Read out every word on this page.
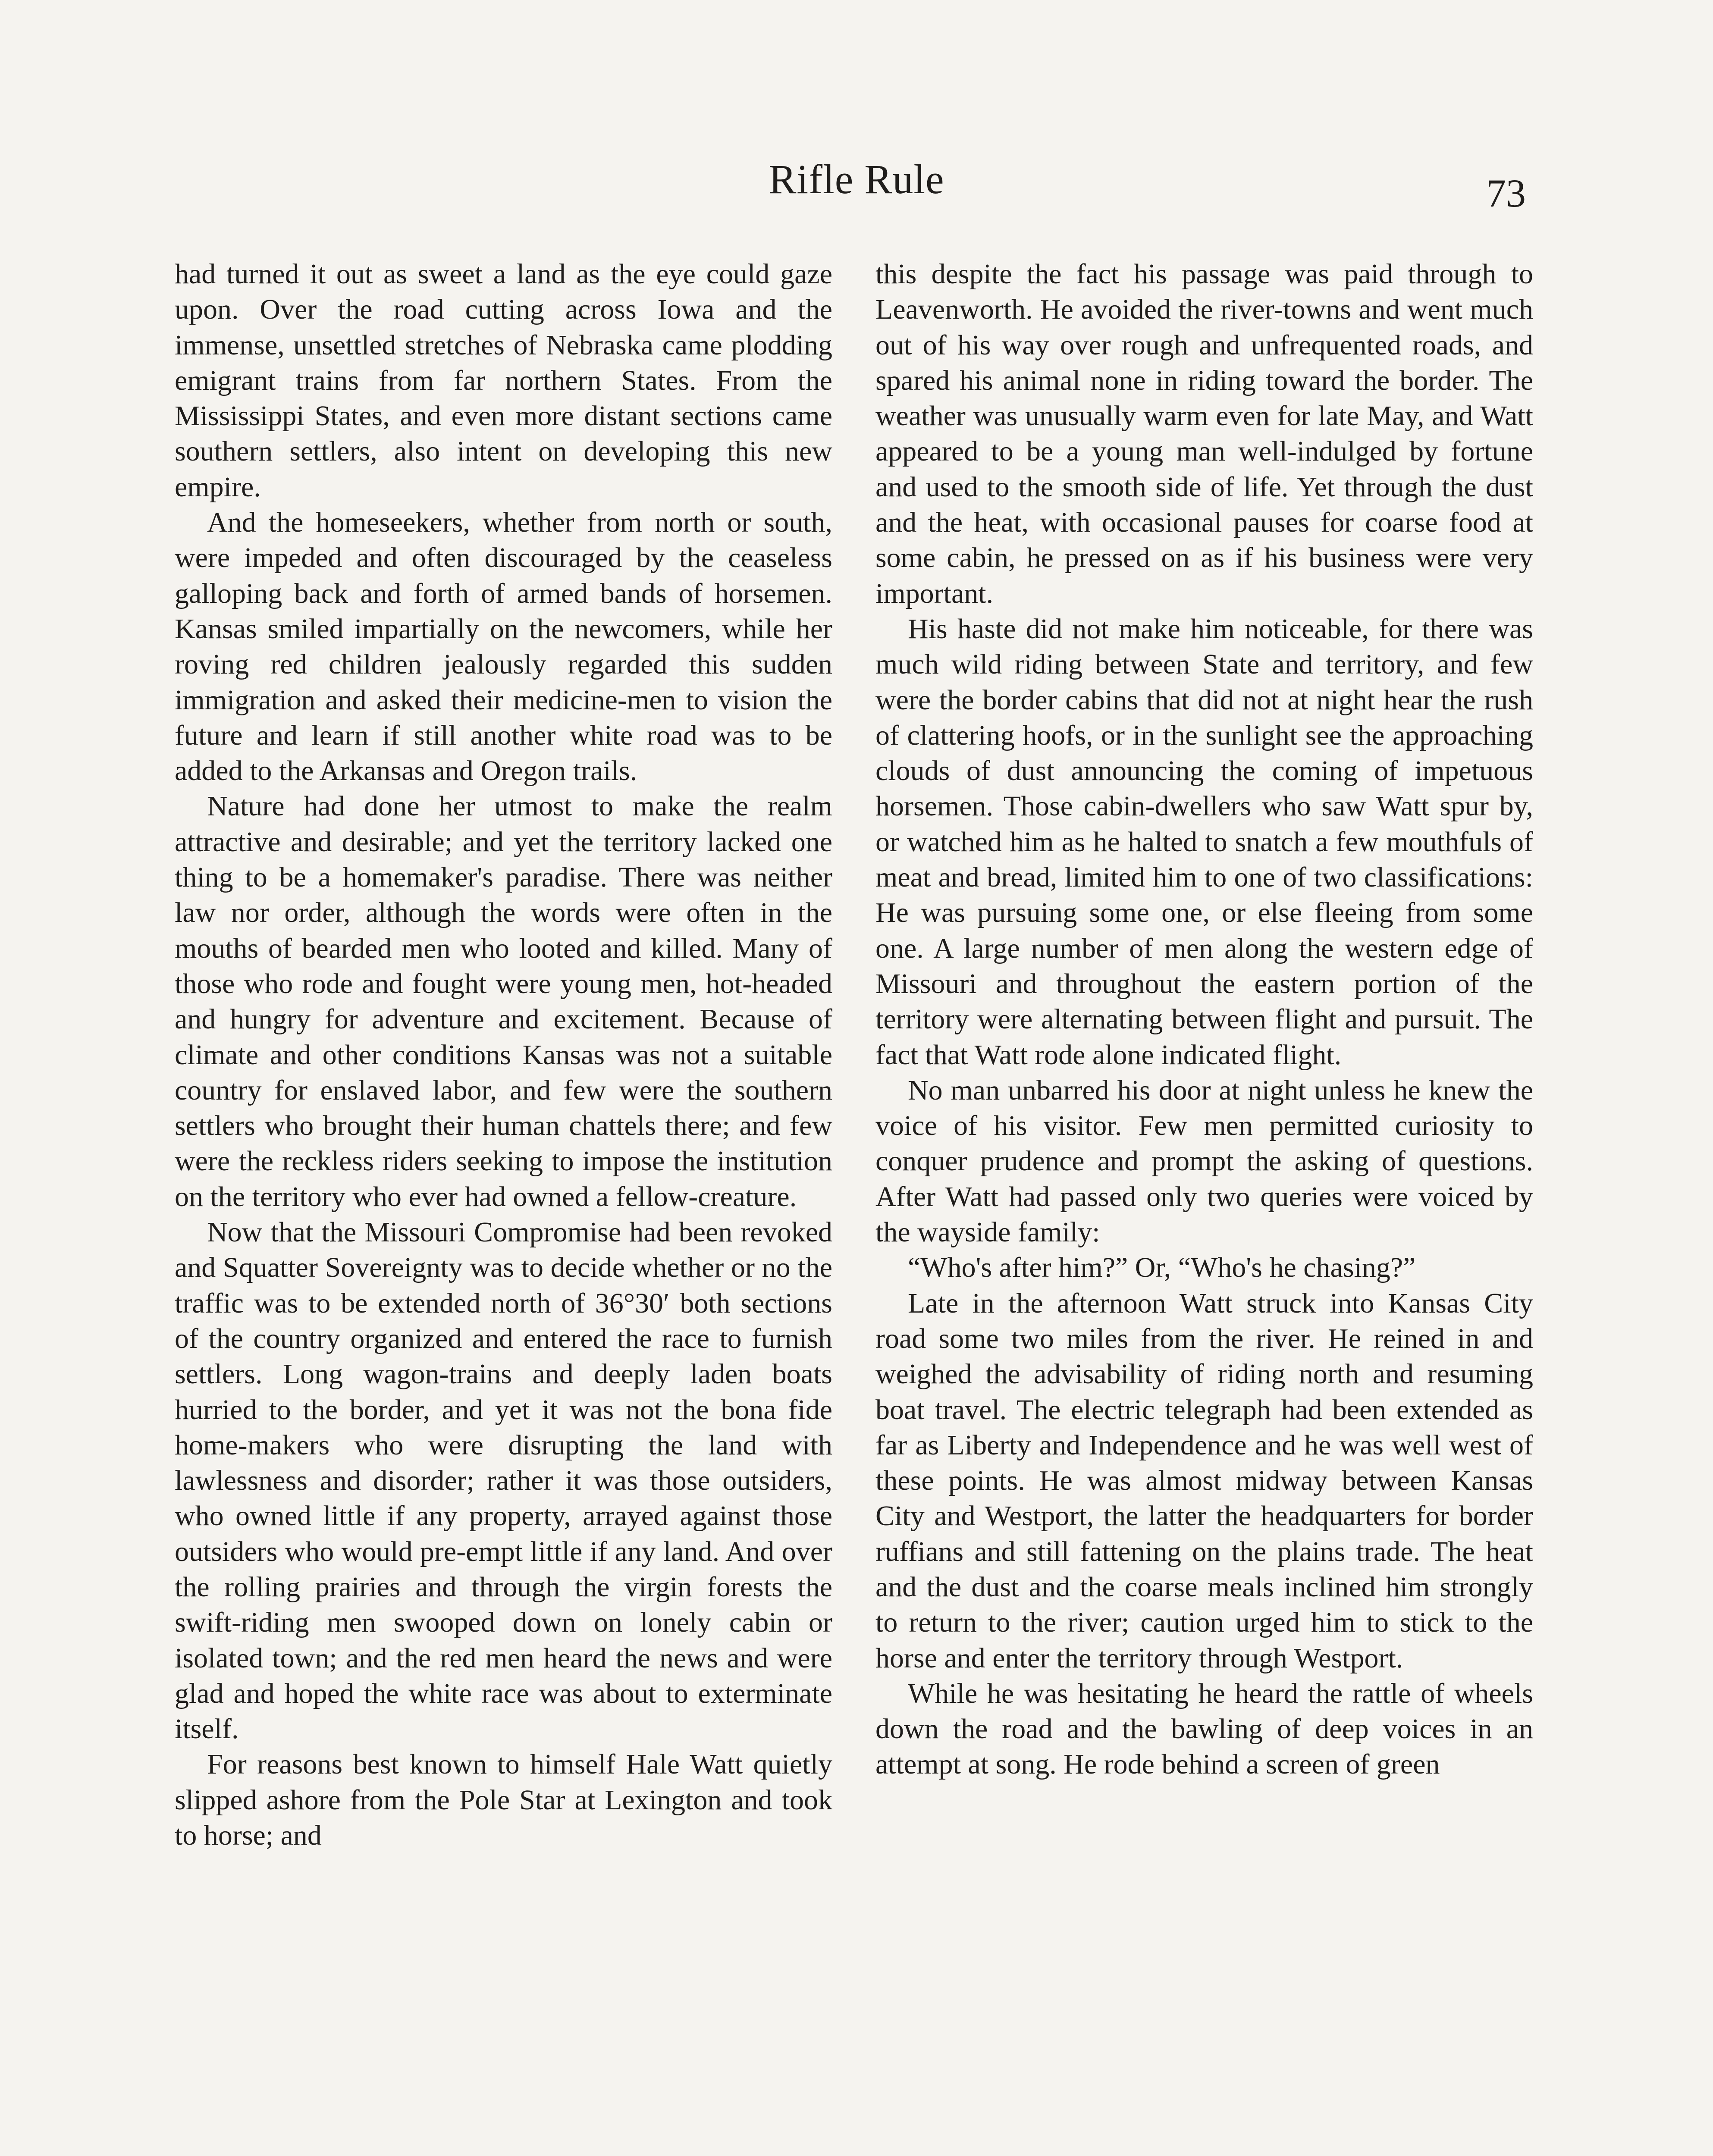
Rifle Rule	73

had turned it out as sweet a land as the eye could gaze upon. Over the road cutting across Iowa and the immense, unsettled stretches of Nebraska came plodding emigrant trains from far northern States. From the Mississippi States, and even more distant sections came southern settlers, also intent on developing this new empire.

And the homeseekers, whether from north or south, were impeded and often discouraged by the ceaseless galloping back and forth of armed bands of horsemen. Kansas smiled impartially on the newcomers, while her roving red children jealously regarded this sudden immigration and asked their medicine-men to vision the future and learn if still another white road was to be added to the Arkansas and Oregon trails.

Nature had done her utmost to make the realm attractive and desirable; and yet the territory lacked one thing to be a homemaker's paradise. There was neither law nor order, although the words were often in the mouths of bearded men who looted and killed. Many of those who rode and fought were young men, hot-headed and hungry for adventure and excitement. Because of climate and other conditions Kansas was not a suitable country for enslaved labor, and few were the southern settlers who brought their human chattels there; and few were the reckless riders seeking to impose the institution on the territory who ever had owned a fellow-creature.

Now that the Missouri Compromise had been revoked and Squatter Sovereignty was to decide whether or no the traffic was to be extended north of 36°30′ both sections of the country organized and entered the race to furnish settlers. Long wagon-trains and deeply laden boats hurried to the border, and yet it was not the bona fide home-makers who were disrupting the land with lawlessness and disorder; rather it was those outsiders, who owned little if any property, arrayed against those outsiders who would pre-empt little if any land. And over the rolling prairies and through the virgin forests the swift-riding men swooped down on lonely cabin or isolated town; and the red men heard the news and were glad and hoped the white race was about to exterminate itself.

For reasons best known to himself Hale Watt quietly slipped ashore from the Pole Star at Lexington and took to horse; and

this despite the fact his passage was paid through to Leavenworth. He avoided the river-towns and went much out of his way over rough and unfrequented roads, and spared his animal none in riding toward the border. The weather was unusually warm even for late May, and Watt appeared to be a young man well-indulged by fortune and used to the smooth side of life. Yet through the dust and the heat, with occasional pauses for coarse food at some cabin, he pressed on as if his business were very important.

His haste did not make him noticeable, for there was much wild riding between State and territory, and few were the border cabins that did not at night hear the rush of clattering hoofs, or in the sunlight see the approaching clouds of dust announcing the coming of impetuous horsemen. Those cabin-dwellers who saw Watt spur by, or watched him as he halted to snatch a few mouthfuls of meat and bread, limited him to one of two classifications: He was pursuing some one, or else fleeing from some one. A large number of men along the western edge of Missouri and throughout the eastern portion of the territory were alternating between flight and pursuit. The fact that Watt rode alone indicated flight.

No man unbarred his door at night unless he knew the voice of his visitor. Few men permitted curiosity to conquer prudence and prompt the asking of questions. After Watt had passed only two queries were voiced by the wayside family:

“Who's after him?” Or, “Who's he chasing?”

Late in the afternoon Watt struck into Kansas City road some two miles from the river. He reined in and weighed the advisability of riding north and resuming boat travel. The electric telegraph had been extended as far as Liberty and Independence and he was well west of these points. He was almost midway between Kansas City and Westport, the latter the headquarters for border ruffians and still fattening on the plains trade. The heat and the dust and the coarse meals inclined him strongly to return to the river; caution urged him to stick to the horse and enter the territory through Westport.

While he was hesitating he heard the rattle of wheels down the road and the bawling of deep voices in an attempt at song. He rode behind a screen of green
